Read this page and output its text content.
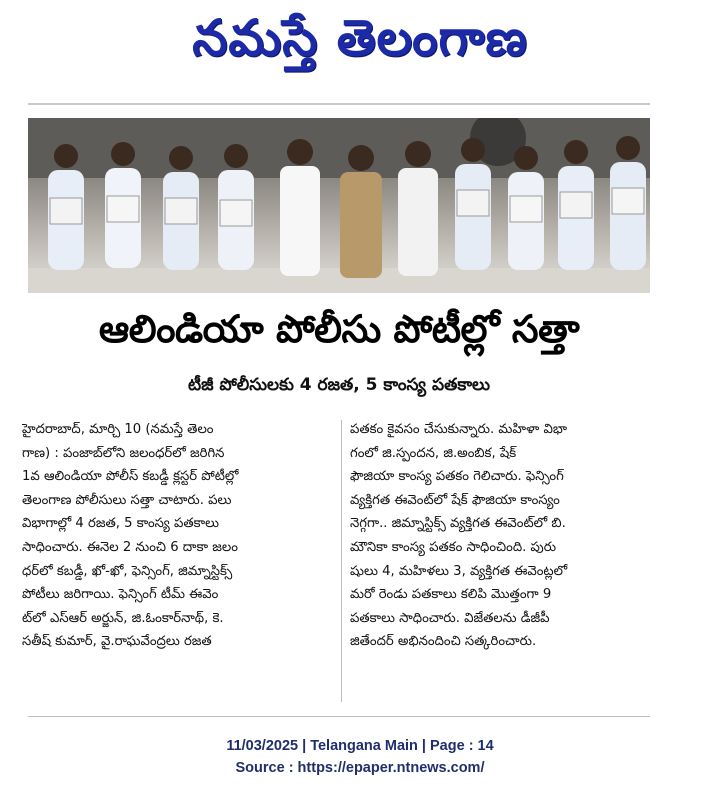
నమస్తే తెలంగాణ
ఆలిండియా పోలీసు పోటీల్లో సత్తా
టీజీ పోలీసులకు 4 రజత, 5 కాంస్య పతకాలు
హైదరాబాద్, మార్చి 10 (నమస్తే తెలం
గాణ) : పంజాబ్‌లోని జలంధర్‌లో జరిగిన
1వ ఆలిండియా పోలీస్ కబడ్డీ క్లస్టర్ పోటీల్లో
తెలంగాణ పోలీసులు సత్తా చాటారు. పలు
విభాగాల్లో 4 రజత, 5 కాంస్య పతకాలు
సాధించారు. ఈనెల 2 నుంచి 6 దాకా జలం
ధర్‌లో కబడ్డీ, ఖో-ఖో, ఫెన్సింగ్, జిమ్నాస్టిక్స్
పోటీలు జరిగాయి. ఫెన్సింగ్ టీమ్ ఈవెం
ట్‌లో ఎస్ఆర్ అర్జున్, జి.ఓంకార్‌నాథ్, కె.
సతీష్ కుమార్, వై.రాఘవేంద్రలు రజత
పతకం కైవసం చేసుకున్నారు. మహిళా విభా
గంలో జి.స్పందన, జి.అంబిక, షేక్
ఫౌజియా కాంస్య పతకం గెలిచారు. ఫెన్సింగ్
వ్యక్తిగత ఈవెంట్‌లో షేక్ ఫౌజియా కాంస్యం
నెగ్గగా.. జిమ్నాస్టిక్స్ వ్యక్తిగత ఈవెంట్‌లో బి.
మౌనికా కాంస్య పతకం సాధించింది. పురు
షులు 4, మహిళలు 3, వ్యక్తిగత ఈవెంట్లలో
మరో రెండు పతకాలు కలిపి మొత్తంగా 9
పతకాలు సాధించారు. విజేతలను డీజీపీ
జితేందర్ అభినందించి సత్కరించారు.
11/03/2025 | Telangana Main | Page : 14
Source : https://epaper.ntnews.com/
